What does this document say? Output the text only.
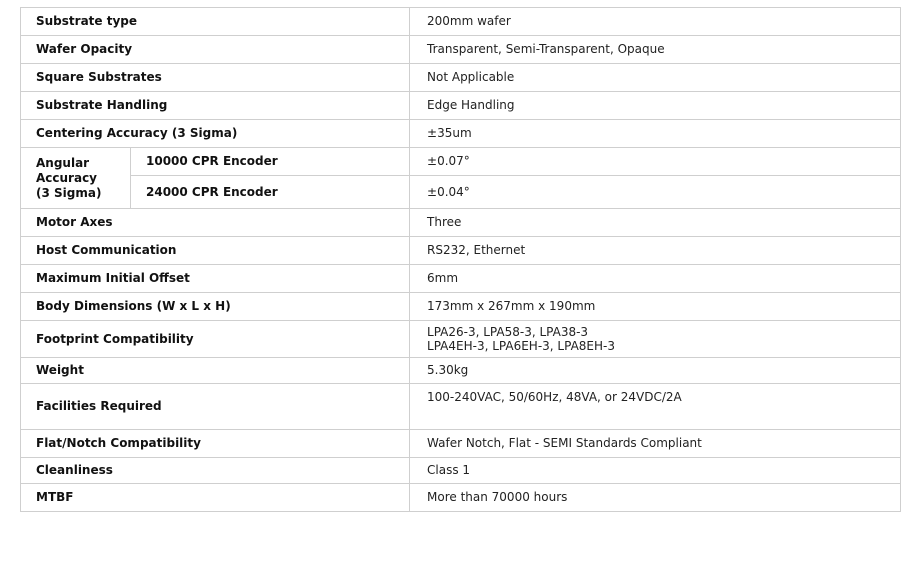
Substrate type		200mm wafer
Wafer Opacity		Transparent, Semi-Transparent, Opaque
Square Substrates		Not Applicable
Substrate Handling		Edge Handling
Centering Accuracy (3 Sigma)		±35um

Angular
Accuracy
(3 Sigma)	10000 CPR Encoder	±0.07°
	24000 CPR Encoder	±0.04°
Motor Axes		Three
Host Communication		RS232, Ethernet
Maximum Initial Offset		6mm
Body Dimensions (W x L x H)		173mm x 267mm x 190mm
Footprint Compatibility		LPA26-3, LPA58-3, LPA38-3
LPA4EH-3, LPA6EH-3, LPA8EH-3

Weight		5.30kg
Facilities Required		100-240VAC, 50/60Hz, 48VA, or 24VDC/2A
Flat/Notch Compatibility		Wafer Notch, Flat - SEMI Standards Compliant
Cleanliness		Class 1
MTBF		More than 70000 hours
